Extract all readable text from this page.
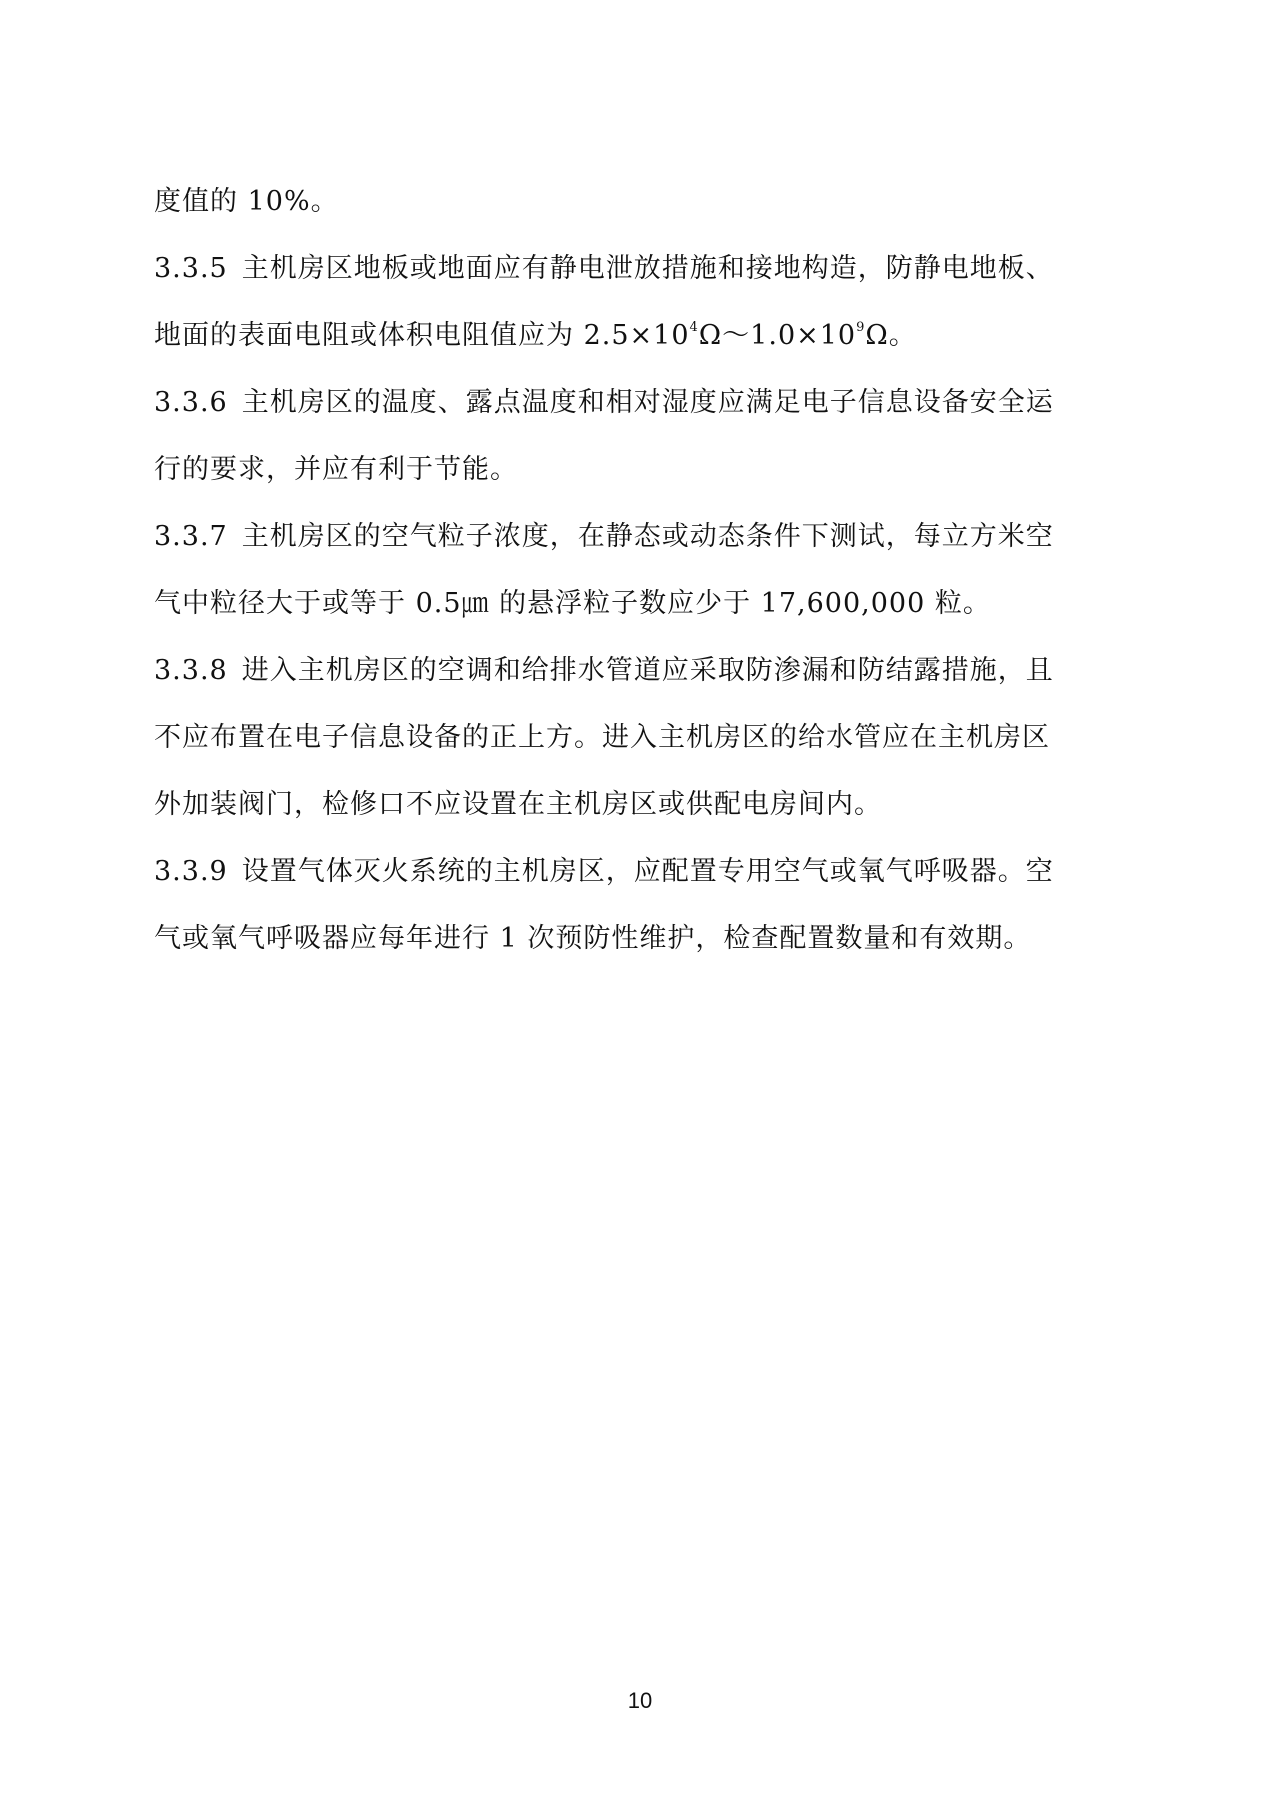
度值的 10%。
3.3.5 主机房区地板或地面应有静电泄放措施和接地构造，防静电地板、
地面的表面电阻或体积电阻值应为 $2.5\times 10^4\Omega\sim 1.0\times 10^9\Omega$。
3.3.6 主机房区的温度、露点温度和相对湿度应满足电子信息设备安全运
行的要求，并应有利于节能。
3.3.7 主机房区的空气粒子浓度，在静态或动态条件下测试，每立方米空
气中粒径大于或等于 0.5㎛ 的悬浮粒子数应少于 17,600,000 粒。
3.3.8 进入主机房区的空调和给排水管道应采取防渗漏和防结露措施，且
不应布置在电子信息设备的正上方。进入主机房区的给水管应在主机房区
外加装阀门，检修口不应设置在主机房区或供配电房间内。
3.3.9 设置气体灭火系统的主机房区，应配置专用空气或氧气呼吸器。空
气或氧气呼吸器应每年进行 1 次预防性维护，检查配置数量和有效期。
10
